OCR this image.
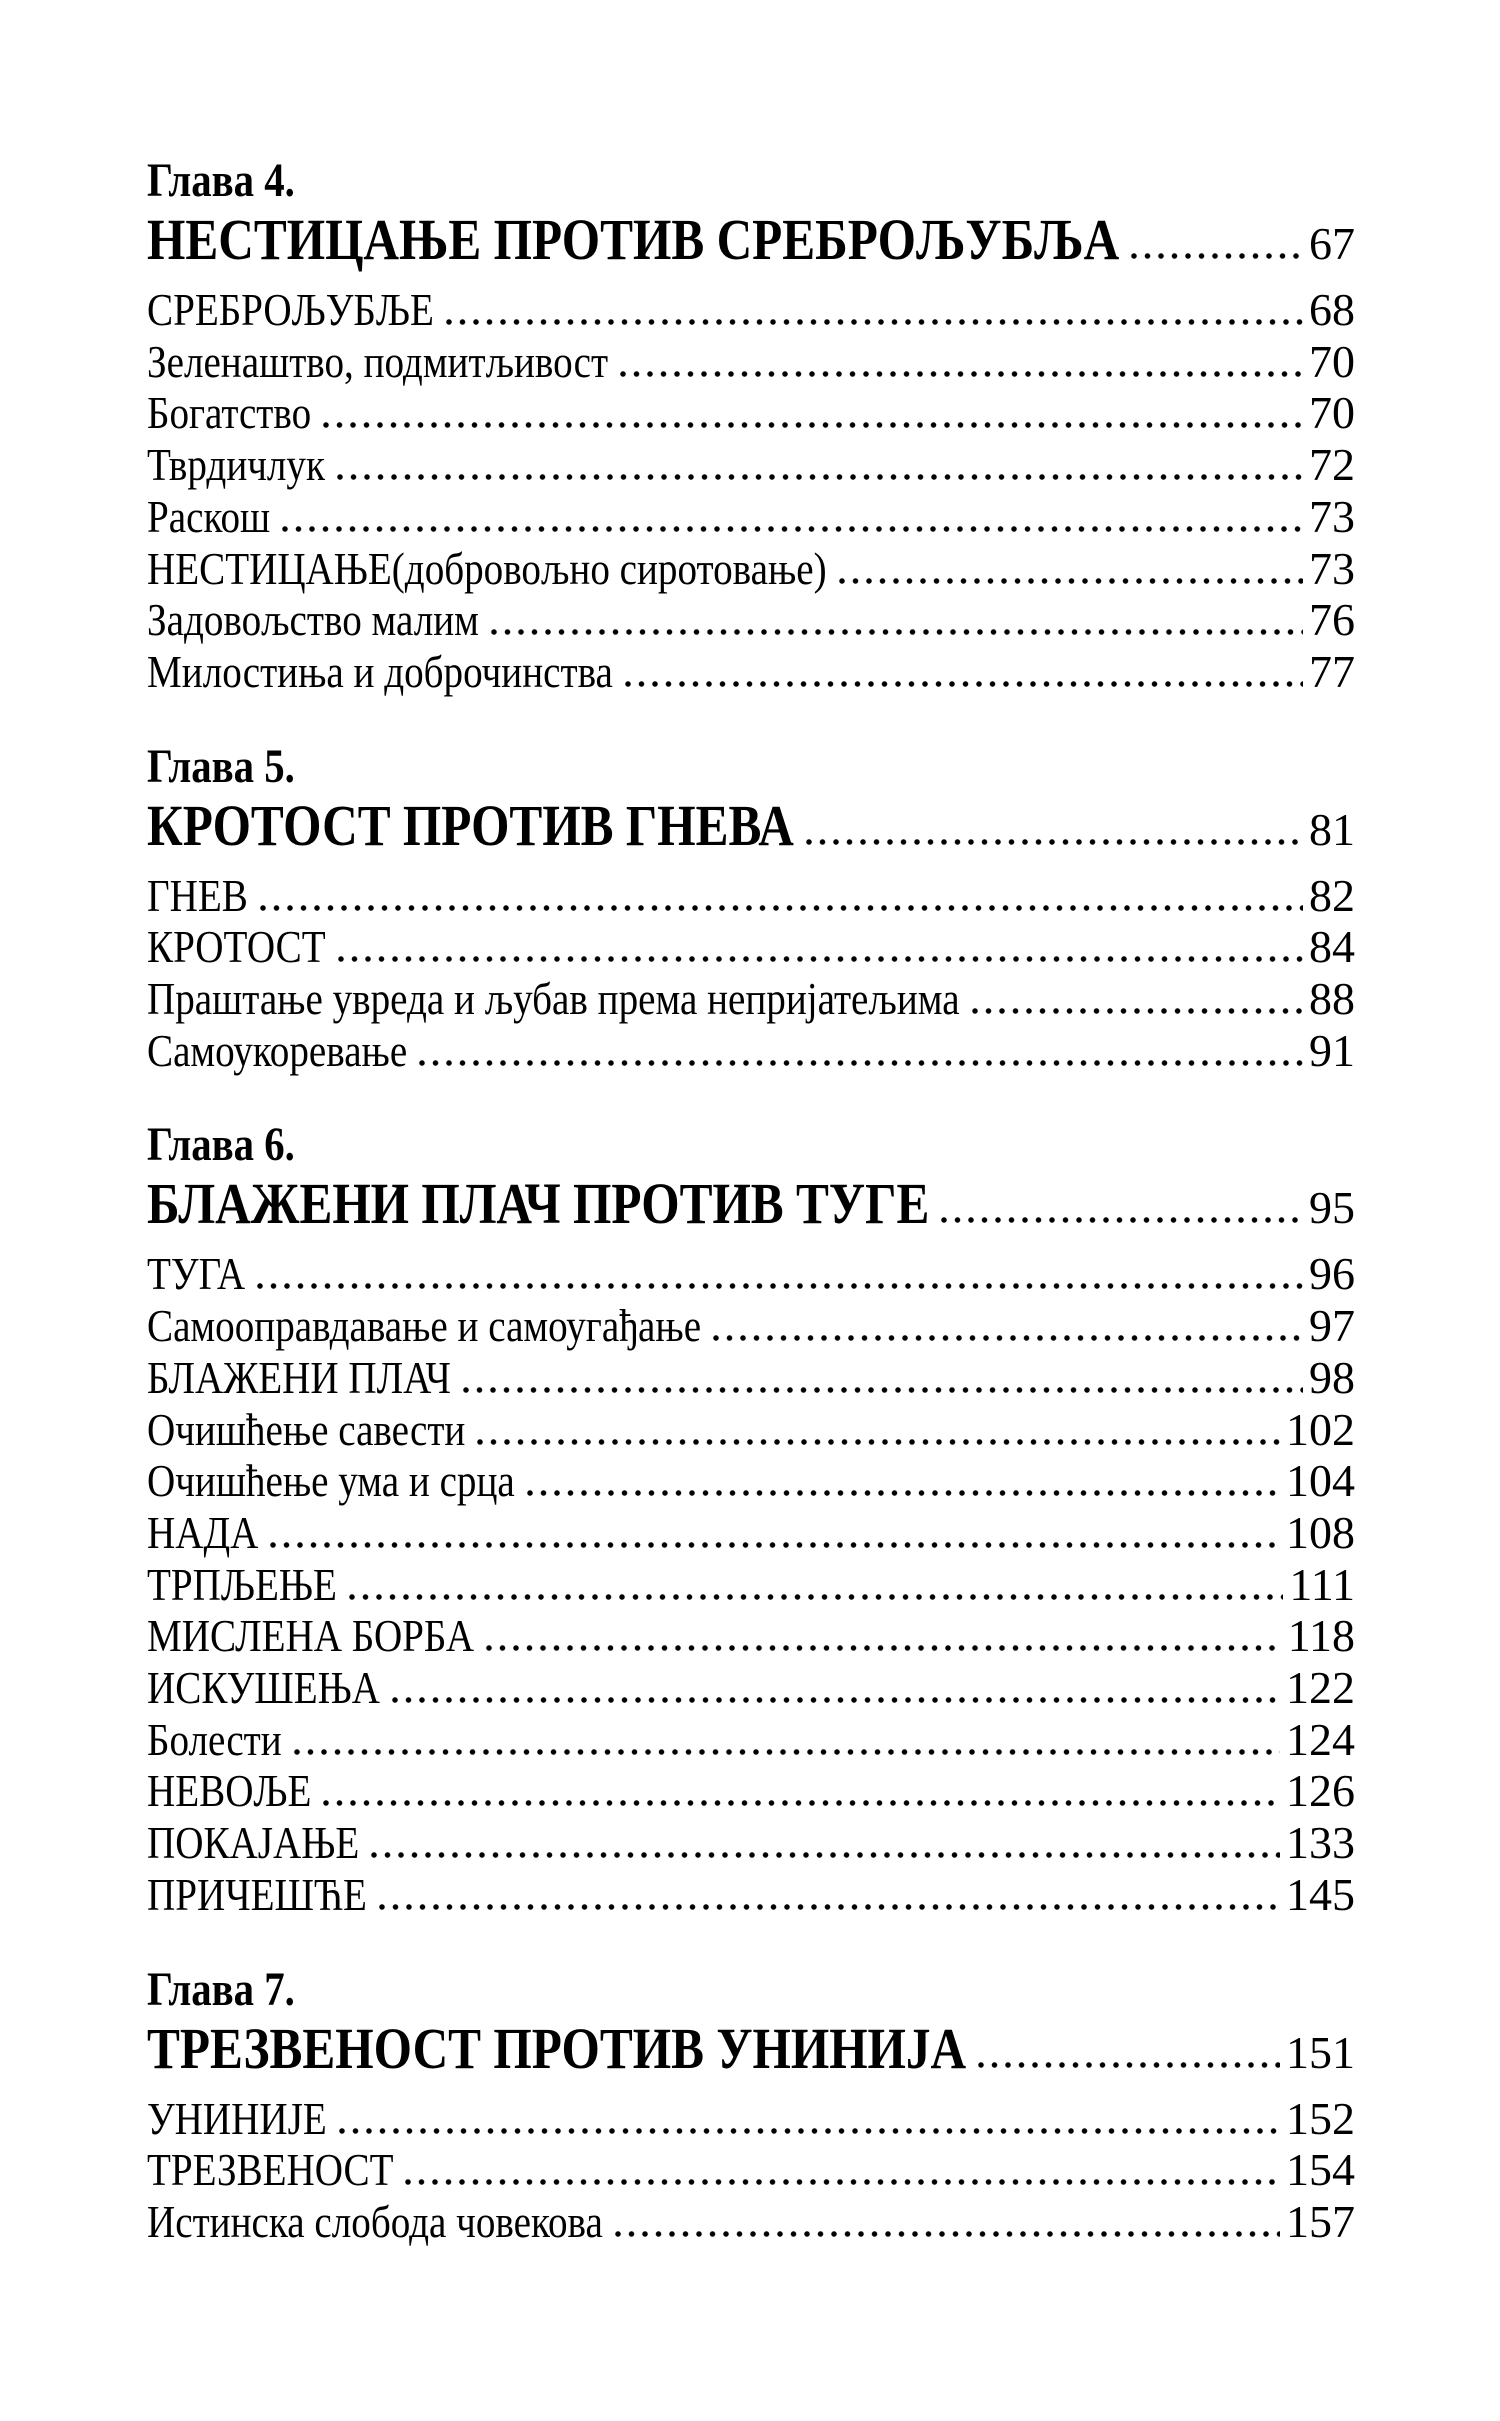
Глава 4.
НЕСТИЦАЊЕ ПРОТИВ СРЕБРОЉУБЉА	67
СРЕБРОЉУБЉЕ	68
Зеленаштво, подмитљивост	70
Богатство	70
Тврдичлук	72
Раскош	73
НЕСТИЦАЊЕ(добровољно сиротовање)	73
Задовољство малим	76
Милостиња и доброчинства	77
Глава 5.
КРОТОСТ ПРОТИВ ГНЕВА	81
ГНЕВ	82
КРОТОСТ	84
Праштање увреда и љубав према непријатељима	88
Самоукоревање	91
Глава 6.
БЛАЖЕНИ ПЛАЧ ПРОТИВ ТУГЕ	95
ТУГА	96
Самооправдавање и самоугађање	97
БЛАЖЕНИ ПЛАЧ	98
Очишћење савести	102
Очишћење ума и срца	104
НАДА	108
ТРПЉЕЊЕ	111
МИСЛЕНА БОРБА	118
ИСКУШЕЊА	122
Болести	124
НЕВОЉЕ	126
ПОКАЈАЊЕ	133
ПРИЧЕШЋЕ	145
Глава 7.
ТРЕЗВЕНОСТ ПРОТИВ УНИНИЈА	151
УНИНИЈЕ	152
ТРЕЗВЕНОСТ	154
Истинска слобода човекова	157
